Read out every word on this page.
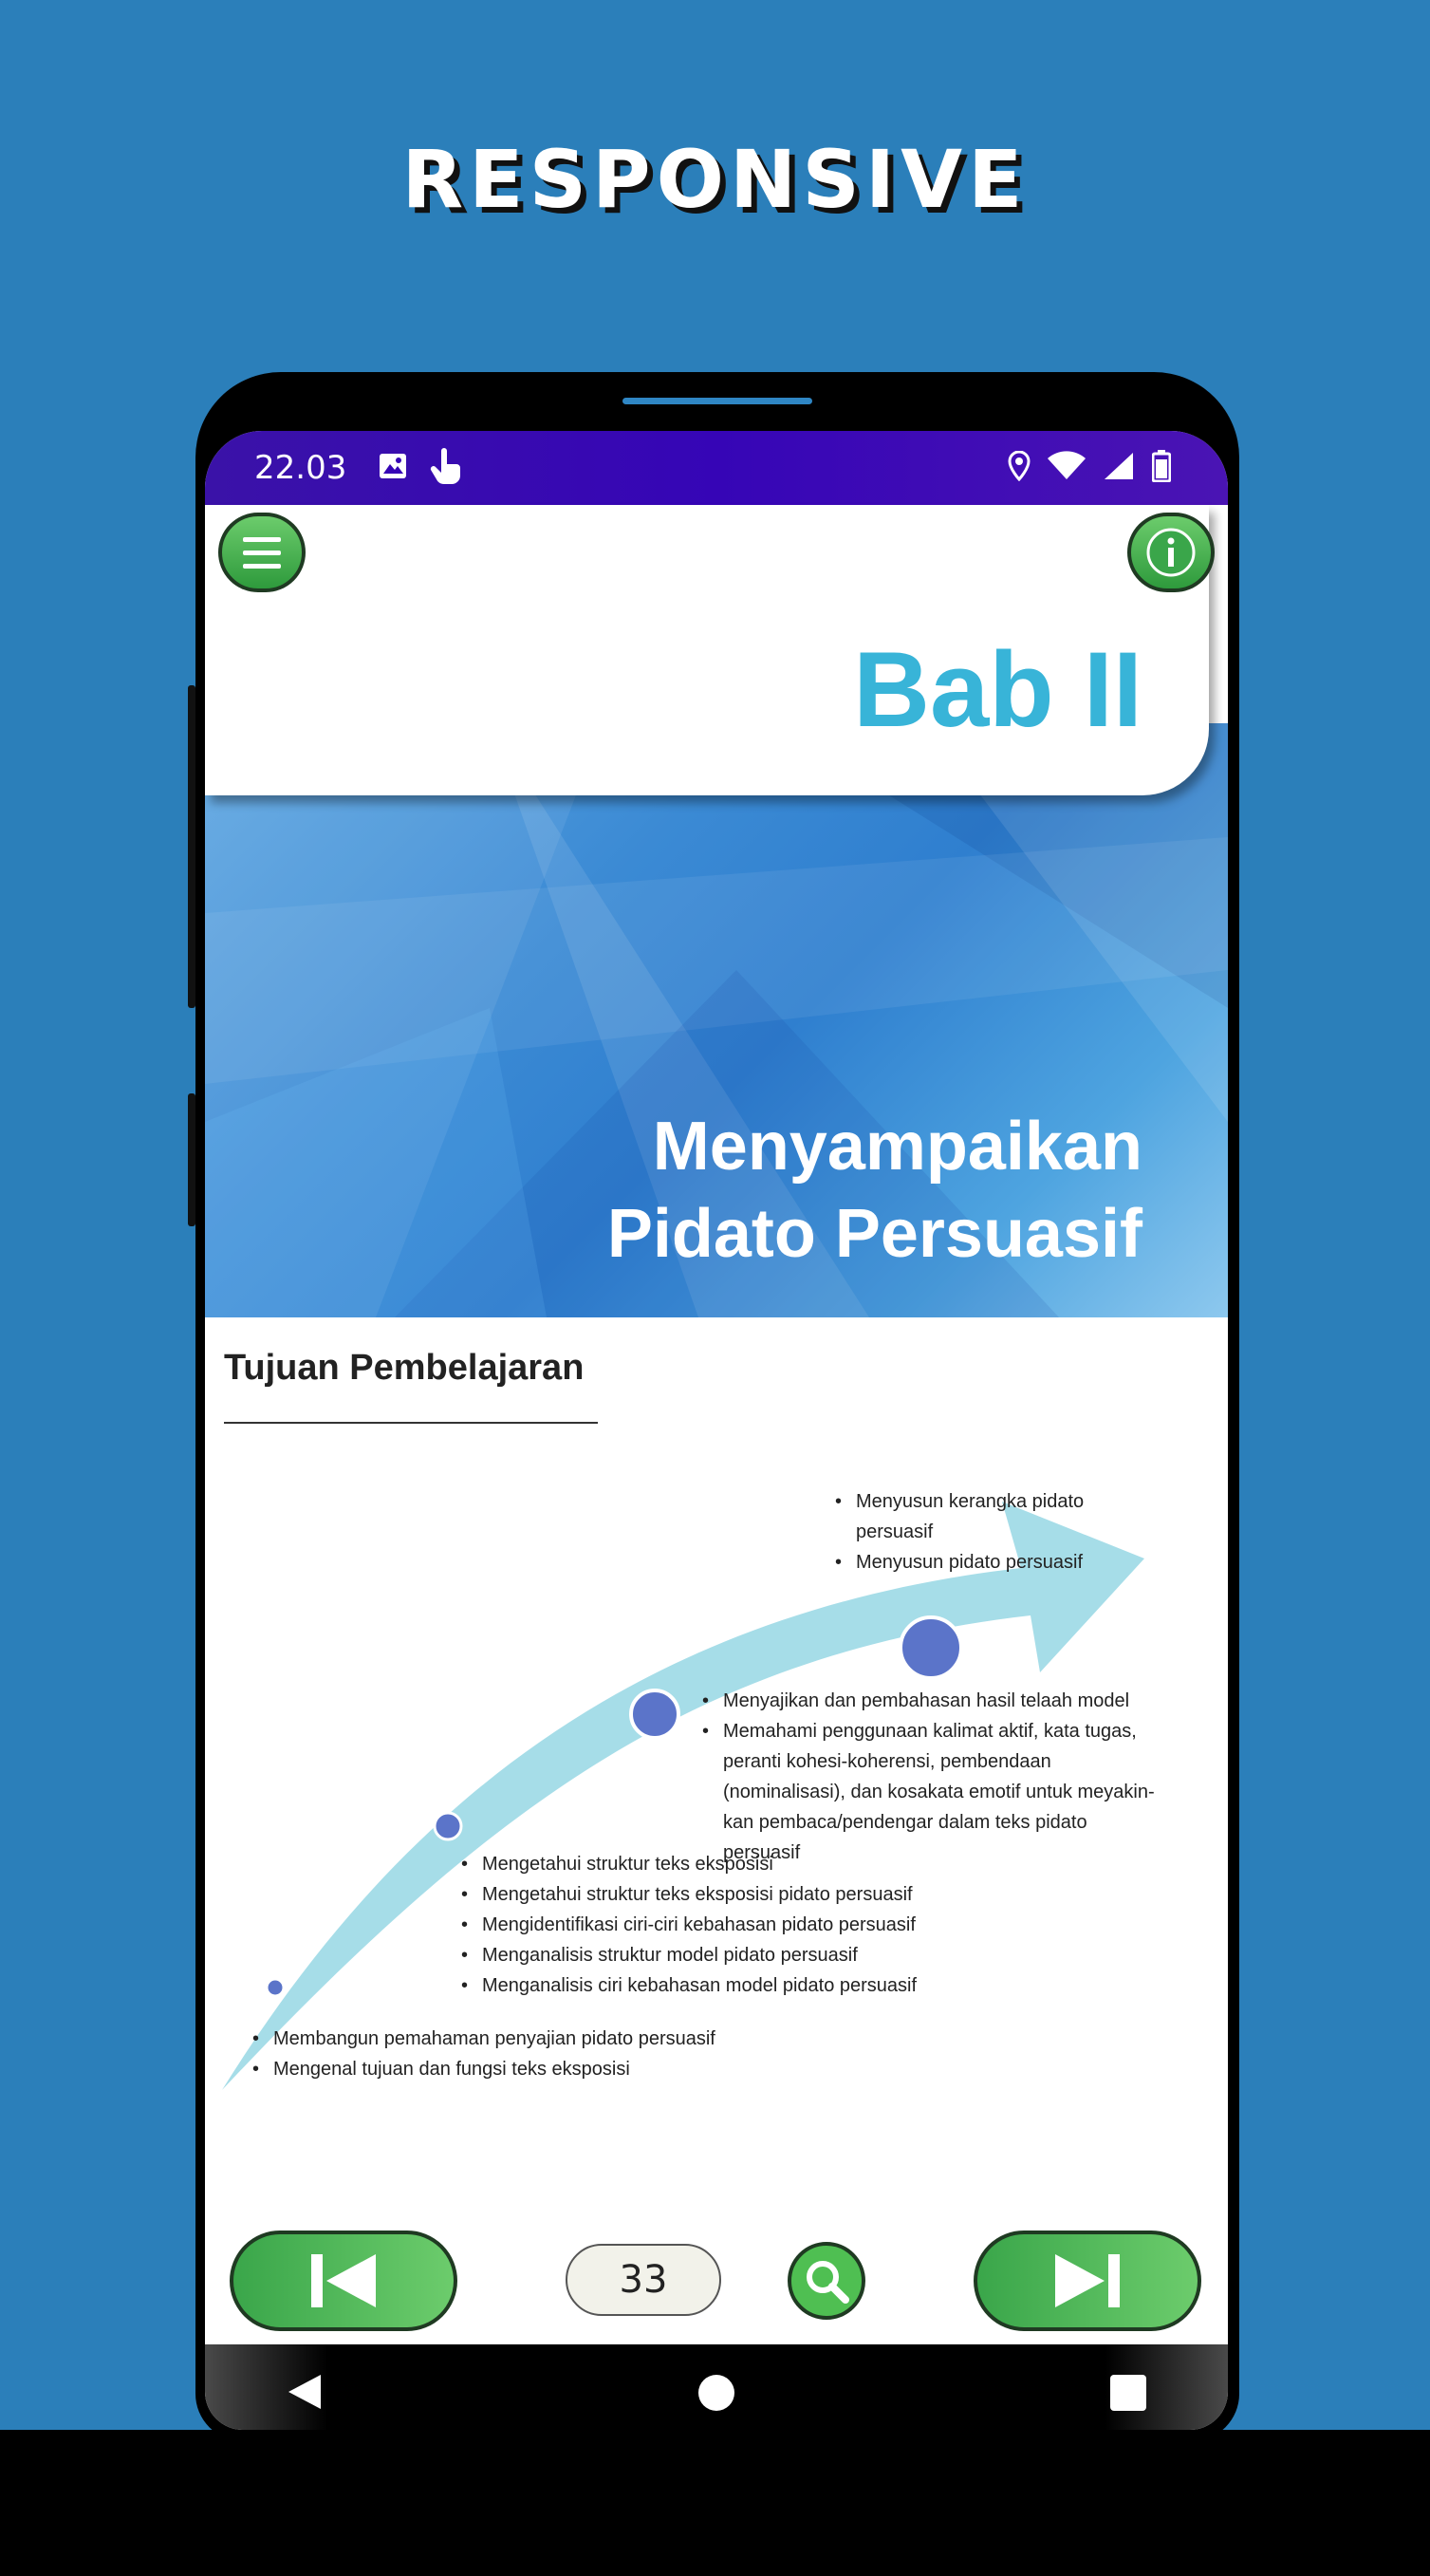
RESPONSIVE
22.03
Bab II
Menyampaikan
Pidato Persuasif
Tujuan Pembelajaran
• Menyusun kerangka pidato persuasif
• Menyusun pidato persuasif
• Menyajikan dan pembahasan hasil telaah model
• Memahami penggunaan kalimat aktif, kata tugas, peranti kohesi-koherensi, pembendaan (nominalisasi), dan kosakata emotif untuk meyakin-kan pembaca/pendengar dalam teks pidato persuasif
• Mengetahui struktur teks eksposisi
• Mengetahui struktur teks eksposisi pidato persuasif
• Mengidentifikasi ciri-ciri kebahasan pidato persuasif
• Menganalisis struktur model pidato persuasif
• Menganalisis ciri kebahasan model pidato persuasif
• Membangun pemahaman penyajian pidato persuasif
• Mengenal tujuan dan fungsi teks eksposisi
33
